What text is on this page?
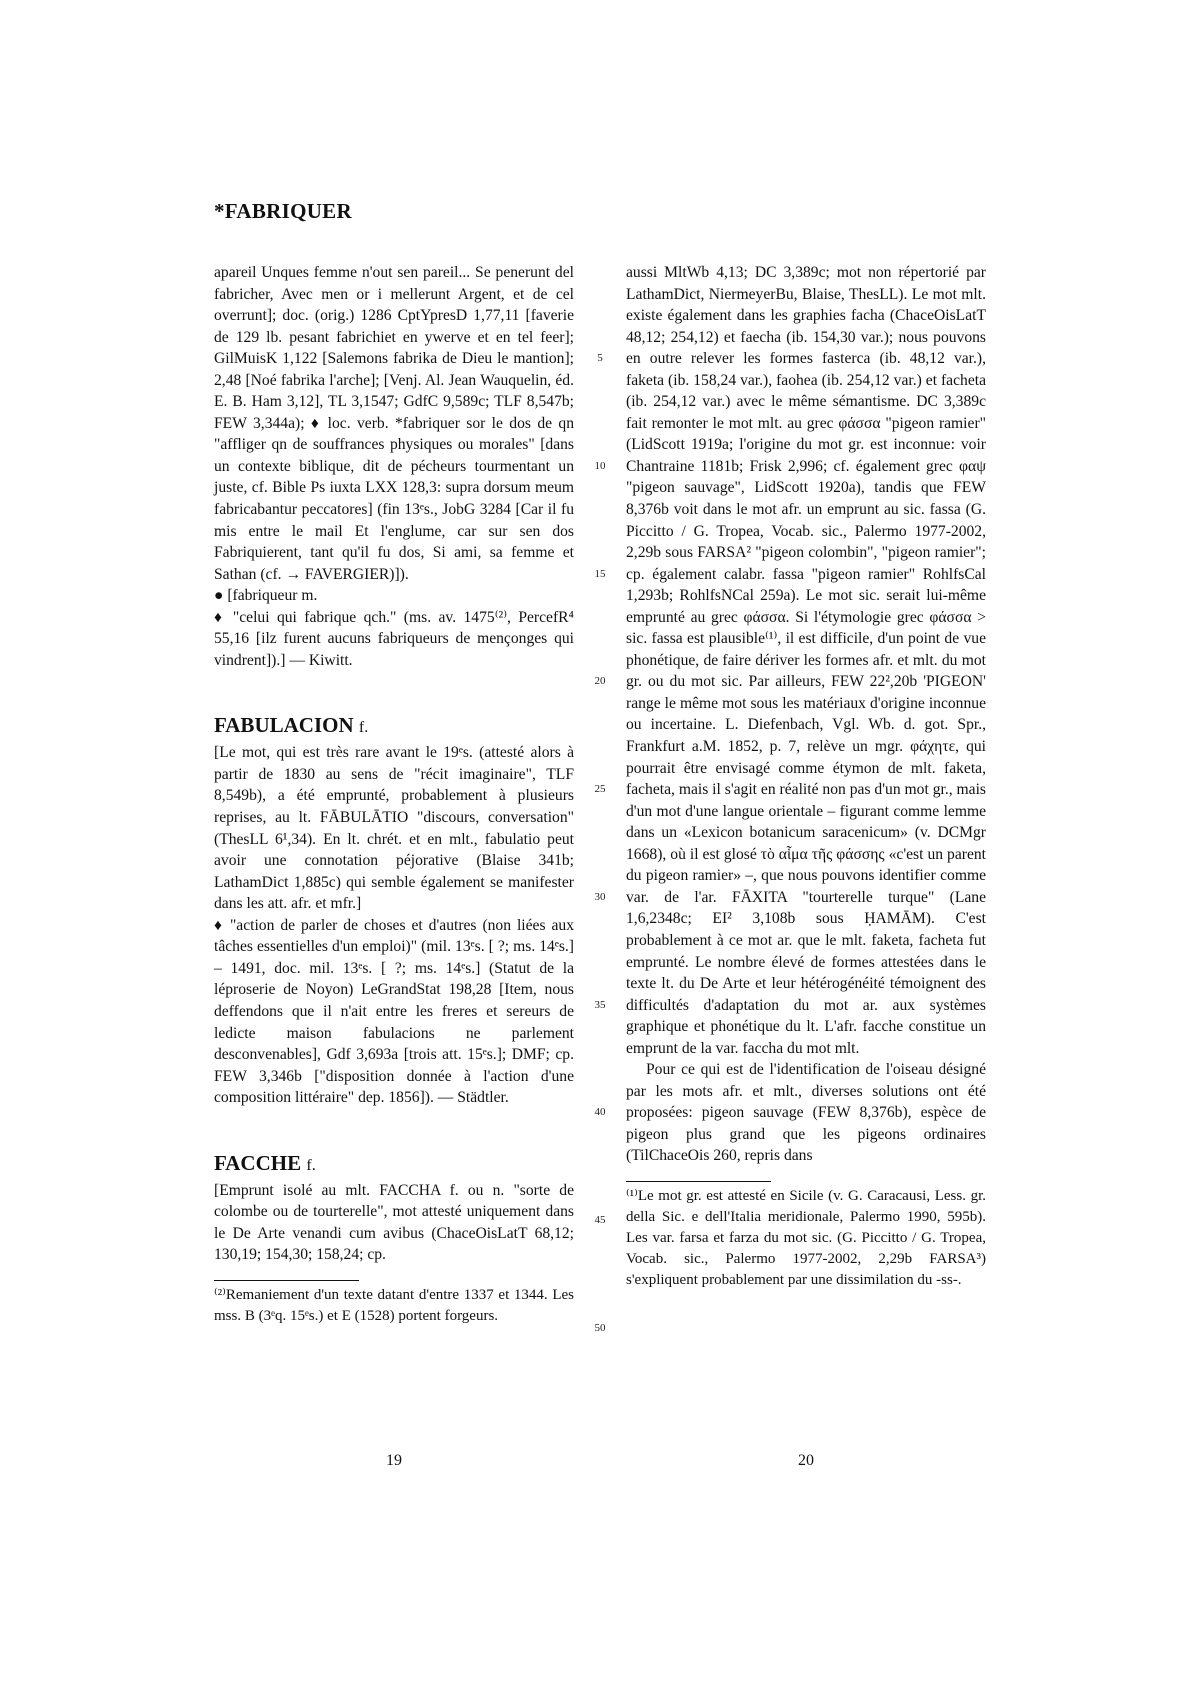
*FABRIQUER

apareil Unques femme n'out sen pareil... Se penerunt del fabricher, Avec men or i mellerunt Argent, et de cel overrunt]; doc. (orig.) 1286 CptYpresD 1,77,11 [faverie de 129 lb. pesant fabrichiet en ywerve et en tel feer]; GilMuisK 1,122 [Salemons fabrika de Dieu le mantion]; 2,48 [Noé fabrika l'arche]; [Venj. Al. Jean Wauquelin, éd. E. B. Ham 3,12], TL 3,1547; GdfC 9,589c; TLF 8,547b; FEW 3,344a); ♦ loc. verb. *fabriquer sor le dos de qn "affliger qn de souffrances physiques ou morales" [dans un contexte biblique, dit de pécheurs tourmentant un juste, cf. Bible Ps iuxta LXX 128,3: supra dorsum meum fabricabantur peccatores] (fin 13ᵉs., JobG 3284 [Car il fu mis entre le mail Et l'englume, car sur sen dos Fabriquierent, tant qu'il fu dos, Si ami, sa femme et Sathan (cf. → FAVERGIER)]).

● [fabriqueur m.

♦ "celui qui fabrique qch." (ms. av. 1475⁽²⁾, PercefR⁴ 55,16 [ilz furent aucuns fabriqueurs de mençonges qui vindrent]).] — Kiwitt.

FABULACION f.

[Le mot, qui est très rare avant le 19ᵉs. (attesté alors à partir de 1830 au sens de "récit imaginaire", TLF 8,549b), a été emprunté, probablement à plusieurs reprises, au lt. FĀBULĀTIO "discours, conversation" (ThesLL 6¹,34). En lt. chrét. et en mlt., fabulatio peut avoir une connotation péjorative (Blaise 341b; LathamDict 1,885c) qui semble également se manifester dans les att. afr. et mfr.]

♦ "action de parler de choses et d'autres (non liées aux tâches essentielles d'un emploi)" (mil. 13ᵉs. [ ?; ms. 14ᵉs.] – 1491, doc. mil. 13ᵉs. [ ?; ms. 14ᵉs.] (Statut de la léproserie de Noyon) LeGrandStat 198,28 [Item, nous deffendons que il n'ait entre les freres et sereurs de ledicte maison fabulacions ne parlement desconvenables], Gdf 3,693a [trois att. 15ᵉs.]; DMF; cp. FEW 3,346b ["disposition donnée à l'action d'une composition littéraire" dep. 1856]). — Städtler.

FACCHE f.

[Emprunt isolé au mlt. FACCHA f. ou n. "sorte de colombe ou de tourterelle", mot attesté uniquement dans le De Arte venandi cum avibus (ChaceOisLatT 68,12; 130,19; 154,30; 158,24; cp.

⁽²⁾Remaniement d'un texte datant d'entre 1337 et 1344. Les mss. B (3ᵉq. 15ᵉs.) et E (1528) portent forgeurs.
5
10
15
20
25
30
35
40
45
50

aussi MltWb 4,13; DC 3,389c; mot non répertorié par LathamDict, NiermeyerBu, Blaise, ThesLL). Le mot mlt. existe également dans les graphies facha (ChaceOisLatT 48,12; 254,12) et faecha (ib. 154,30 var.); nous pouvons en outre relever les formes fasterca (ib. 48,12 var.), faketa (ib. 158,24 var.), faohea (ib. 254,12 var.) et facheta (ib. 254,12 var.) avec le même sémantisme. DC 3,389c fait remonter le mot mlt. au grec φάσσα "pigeon ramier" (LidScott 1919a; l'origine du mot gr. est inconnue: voir Chantraine 1181b; Frisk 2,996; cf. également grec φαψ "pigeon sauvage", LidScott 1920a), tandis que FEW 8,376b voit dans le mot afr. un emprunt au sic. fassa (G. Piccitto / G. Tropea, Vocab. sic., Palermo 1977-2002, 2,29b sous FARSA² "pigeon colombin", "pigeon ramier"; cp. également calabr. fassa "pigeon ramier" RohlfsCal 1,293b; RohlfsNCal 259a). Le mot sic. serait lui-même emprunté au grec φάσσα. Si l'étymologie grec φάσσα > sic. fassa est plausible⁽¹⁾, il est difficile, d'un point de vue phonétique, de faire dériver les formes afr. et mlt. du mot gr. ou du mot sic. Par ailleurs, FEW 22²,20b 'PIGEON' range le même mot sous les matériaux d'origine inconnue ou incertaine. L. Diefenbach, Vgl. Wb. d. got. Spr., Frankfurt a.M. 1852, p. 7, relève un mgr. φάχητε, qui pourrait être envisagé comme étymon de mlt. faketa, facheta, mais il s'agit en réalité non pas d'un mot gr., mais d'un mot d'une langue orientale – figurant comme lemme dans un «Lexicon botanicum saracenicum» (v. DCMgr 1668), où il est glosé τὸ αἷμα τῆς φάσσης «c'est un parent du pigeon ramier» –, que nous pouvons identifier comme var. de l'ar. FĀXITA "tourterelle turque" (Lane 1,6,2348c; EI² 3,108b sous ḤAMĀM). C'est probablement à ce mot ar. que le mlt. faketa, facheta fut emprunté. Le nombre élevé de formes attestées dans le texte lt. du De Arte et leur hétérogénéité témoignent des difficultés d'adaptation du mot ar. aux systèmes graphique et phonétique du lt. L'afr. facche constitue un emprunt de la var. faccha du mot mlt.

Pour ce qui est de l'identification de l'oiseau désigné par les mots afr. et mlt., diverses solutions ont été proposées: pigeon sauvage (FEW 8,376b), espèce de pigeon plus grand que les pigeons ordinaires (TilChaceOis 260, repris dans

⁽¹⁾Le mot gr. est attesté en Sicile (v. G. Caracausi, Less. gr. della Sic. e dell'Italia meridionale, Palermo 1990, 595b). Les var. farsa et farza du mot sic. (G. Piccitto / G. Tropea, Vocab. sic., Palermo 1977-2002, 2,29b FARSA³) s'expliquent probablement par une dissimilation du -ss-.
19	20
